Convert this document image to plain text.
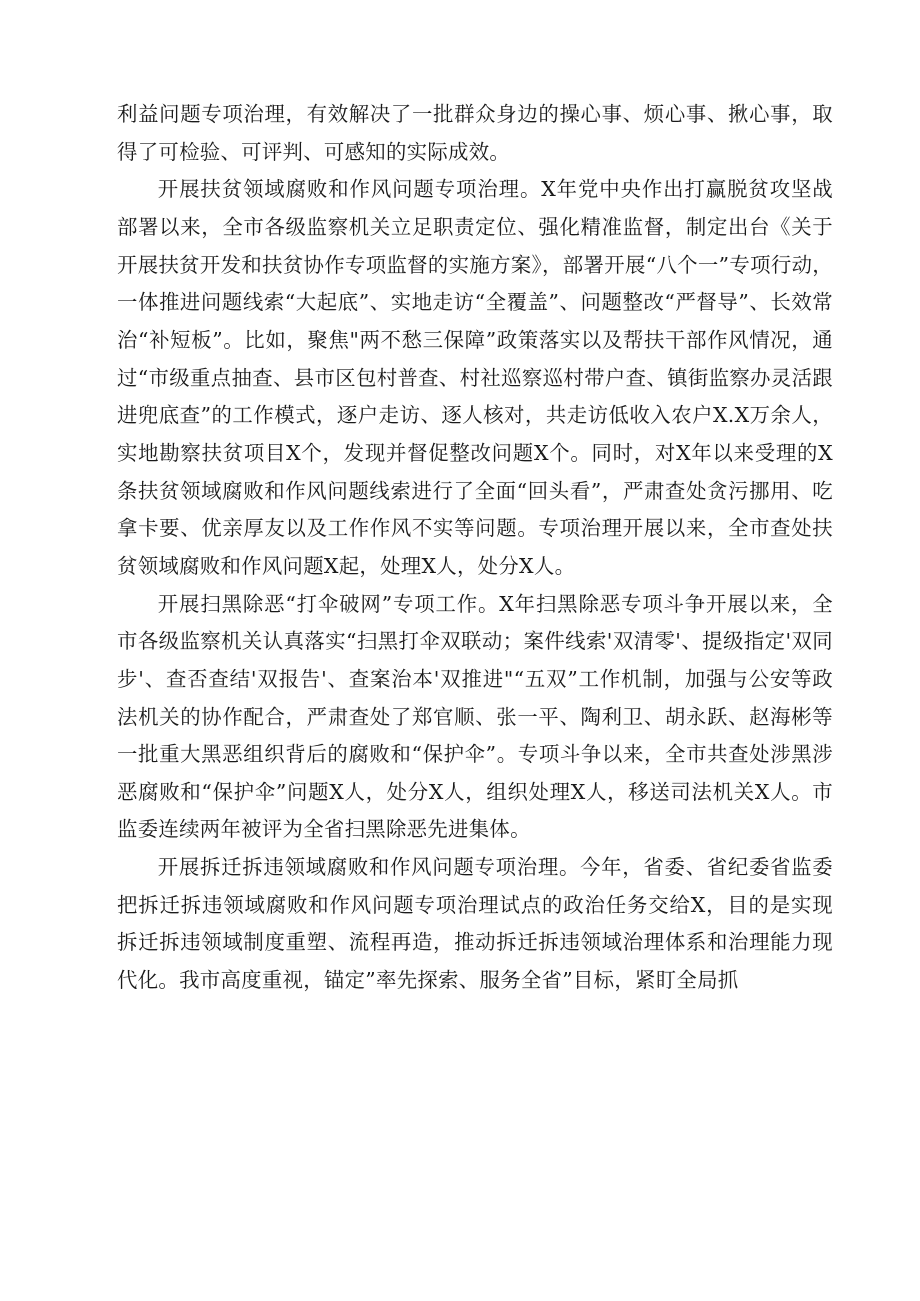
利益问题专项治理，有效解决了一批群众身边的操心事、烦心事、揪心事，取得了可检验、可评判、可感知的实际成效。

开展扶贫领域腐败和作风问题专项治理。X年党中央作出打赢脱贫攻坚战部署以来，全市各级监察机关立足职责定位、强化精准监督，制定出台《关于开展扶贫开发和扶贫协作专项监督的实施方案》，部署开展“八个一”专项行动，一体推进问题线索“大起底”、实地走访“全覆盖”、问题整改“严督导”、长效常治“补短板”。比如，聚焦"两不愁三保障”政策落实以及帮扶干部作风情况，通过“市级重点抽查、县市区包村普查、村社巡察巡村带户查、镇街监察办灵活跟进兜底查”的工作模式，逐户走访、逐人核对，共走访低收入农户X.X万余人，实地勘察扶贫项目X个，发现并督促整改问题X个。同时，对X年以来受理的X条扶贫领域腐败和作风问题线索进行了全面“回头看”，严肃查处贪污挪用、吃拿卡要、优亲厚友以及工作作风不实等问题。专项治理开展以来，全市查处扶贫领域腐败和作风问题X起，处理X人，处分X人。

开展扫黑除恶“打伞破网”专项工作。X年扫黑除恶专项斗争开展以来，全市各级监察机关认真落实“扫黑打伞双联动；案件线索'双清零'、提级指定'双同步'、查否查结'双报告'、查案治本'双推进"“五双”工作机制，加强与公安等政法机关的协作配合，严肃查处了郑官顺、张一平、陶利卫、胡永跃、赵海彬等一批重大黑恶组织背后的腐败和“保护伞”。专项斗争以来，全市共查处涉黑涉恶腐败和“保护伞”问题X人，处分X人，组织处理X人，移送司法机关X人。市监委连续两年被评为全省扫黑除恶先进集体。

开展拆迁拆违领域腐败和作风问题专项治理。今年，省委、省纪委省监委把拆迁拆违领域腐败和作风问题专项治理试点的政治任务交给X，目的是实现拆迁拆违领域制度重塑、流程再造，推动拆迁拆违领域治理体系和治理能力现代化。我市高度重视，锚定”率先探索、服务全省”目标，紧盯全局抓
